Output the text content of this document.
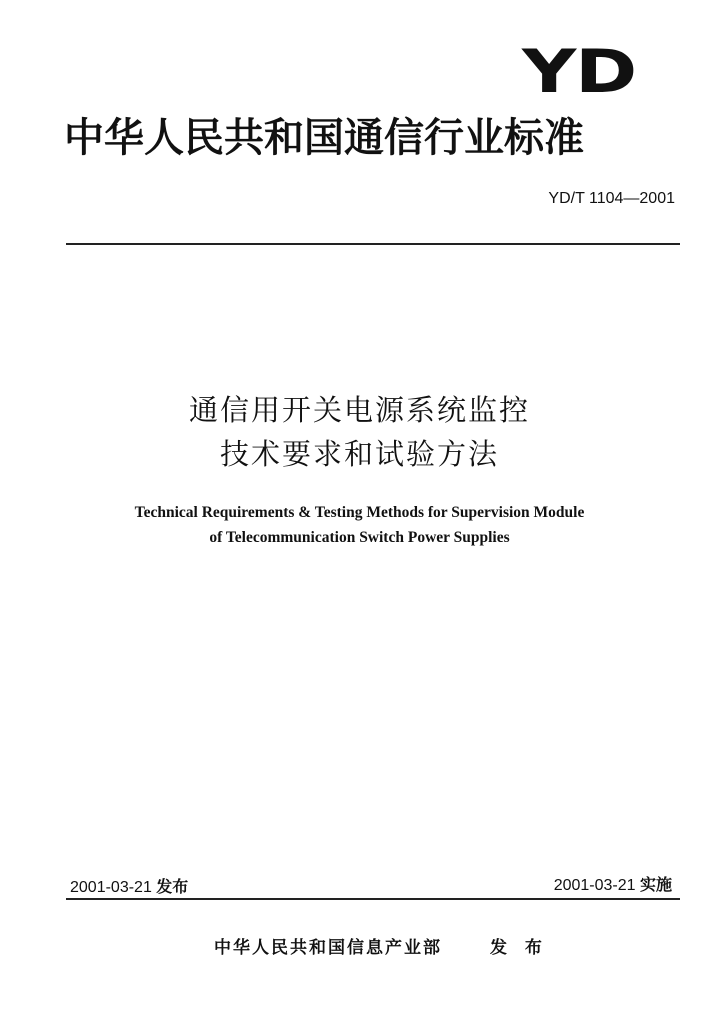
YD
中华人民共和国通信行业标准
YD/T 1104—2001
通信用开关电源系统监控
技术要求和试验方法
Technical Requirements & Testing Methods for Supervision Module
of Telecommunication Switch Power Supplies
2001-03-21 发布	2001-03-21 实施
中华人民共和国信息产业部	发 布
